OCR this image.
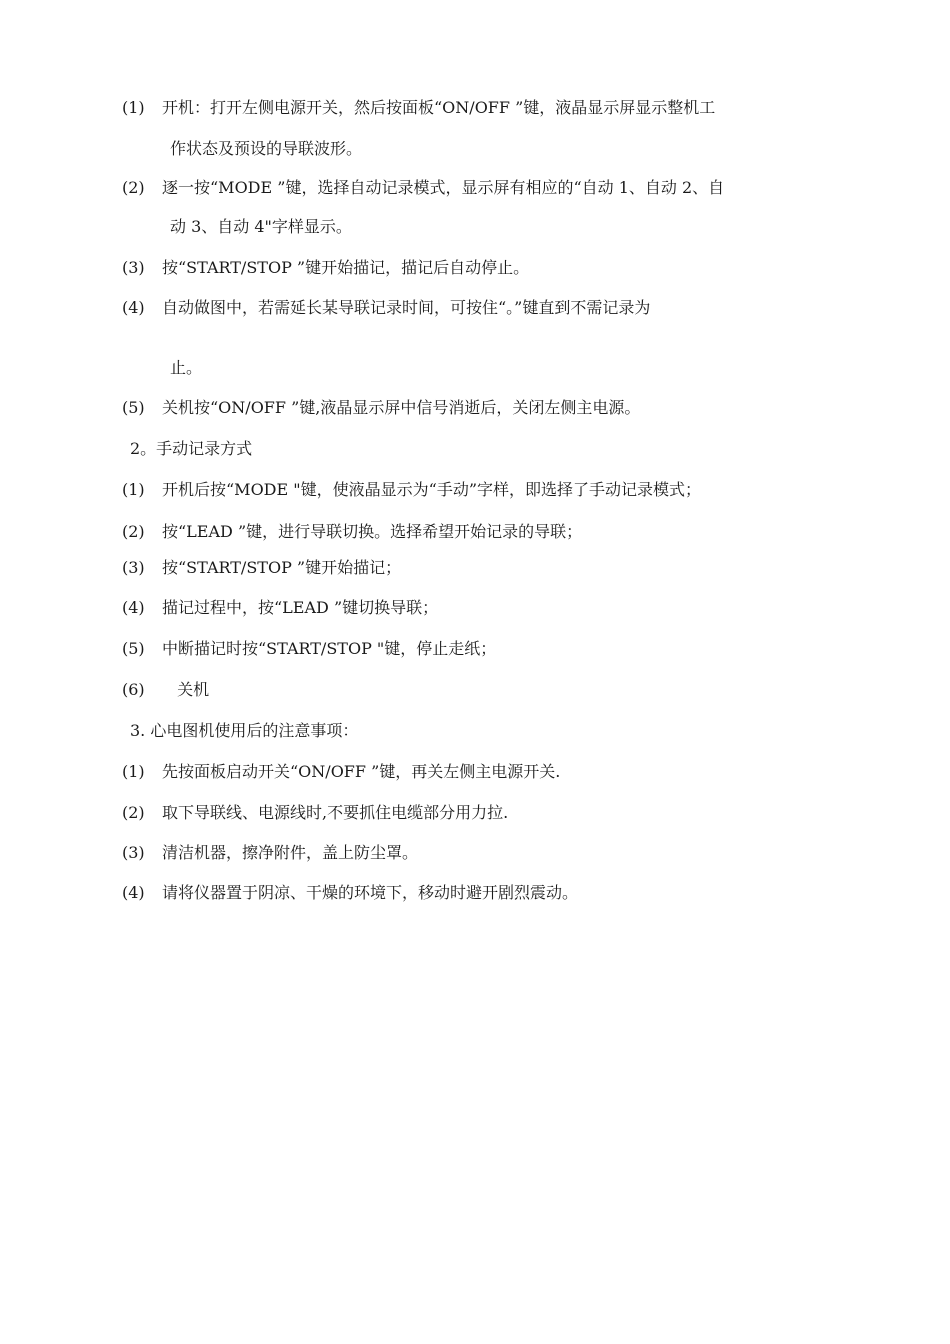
(1) 开机：打开左侧电源开关，然后按面板“ON/OFF ”键，液晶显示屏显示整机工
作状态及预设的导联波形。
(2) 逐一按“MODE ”键，选择自动记录模式，显示屏有相应的“自动 1、自动 2、自
动 3、自动 4"字样显示。
(3) 按“START/STOP ”键开始描记，描记后自动停止。
(4) 自动做图中，若需延长某导联记录时间，可按住“。”键直到不需记录为
止。
(5) 关机按“ON/OFF ”键,液晶显示屏中信号消逝后，关闭左侧主电源。
2。手动记录方式
(1) 开机后按“MODE "键，使液晶显示为“手动”字样，即选择了手动记录模式；
(2) 按“LEAD ”键，进行导联切换。选择希望开始记录的导联；
(3) 按“START/STOP ”键开始描记；
(4) 描记过程中，按“LEAD ”键切换导联；
(5) 中断描记时按“START/STOP "键，停止走纸；
(6) 关机
3. 心电图机使用后的注意事项：
(1) 先按面板启动开关“ON/OFF ”键，再关左侧主电源开关.
(2) 取下导联线、电源线时,不要抓住电缆部分用力拉.
(3) 清洁机器，擦净附件，盖上防尘罩。
(4) 请将仪器置于阴凉、干燥的环境下，移动时避开剧烈震动。
